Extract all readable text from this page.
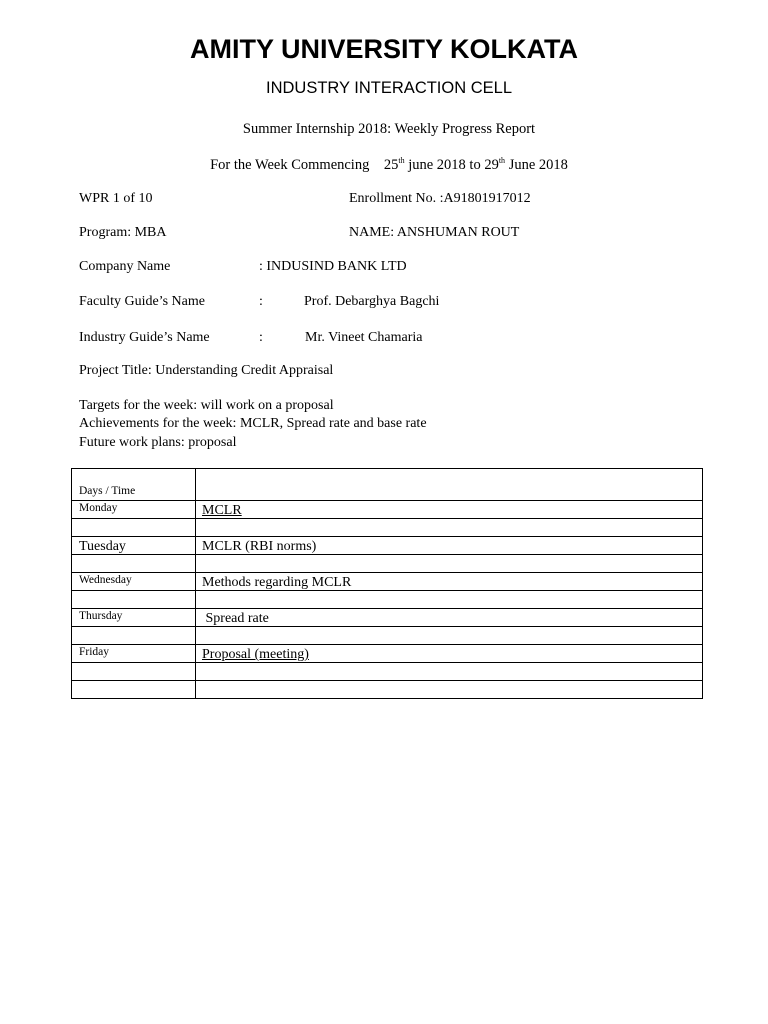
AMITY UNIVERSITY KOLKATA
INDUSTRY INTERACTION CELL
Summer Internship 2018: Weekly Progress Report
For the Week Commencing 25th june 2018 to 29th June 2018
WPR 1 of 10	Enrollment No. :A91801917012
Program: MBA	NAME: ANSHUMAN ROUT
Company Name	: INDUSIND BANK LTD
Faculty Guide’s Name	:	Prof. Debarghya Bagchi
Industry Guide’s Name	:	Mr. Vineet Chamaria
Project Title: Understanding Credit Appraisal
Targets for the week: will work on a proposal
Achievements for the week: MCLR, Spread rate and base rate
Future work plans: proposal
Days / Time	
Monday	MCLR

Tuesday	MCLR (RBI norms)

Wednesday	Methods regarding MCLR

Thursday	Spread rate

Friday	Proposal (meeting)
